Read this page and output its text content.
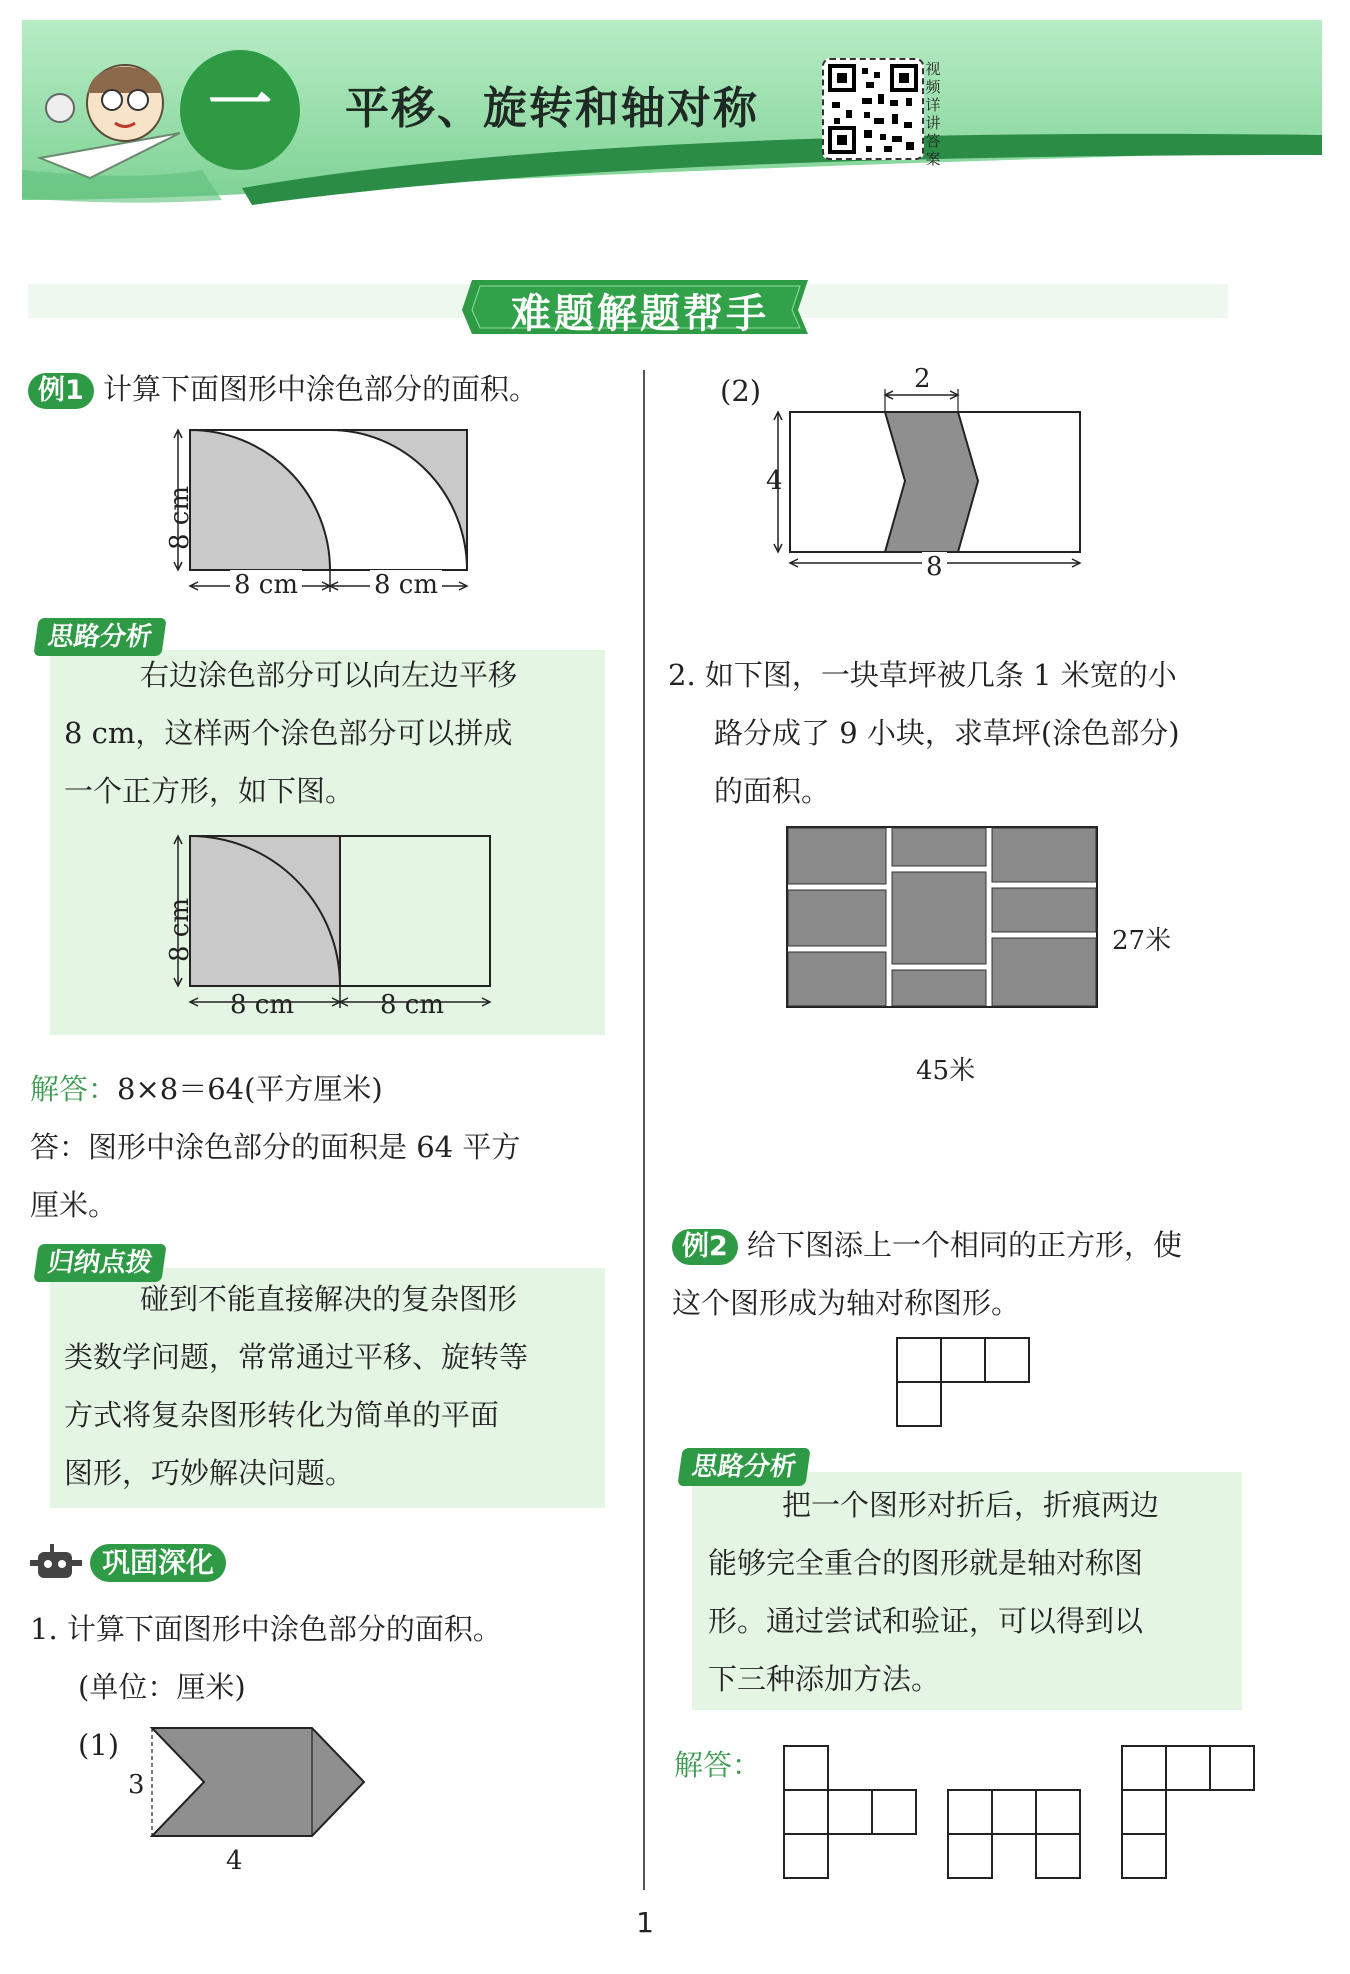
一	平移、旋转和轴对称
视频详讲答案
难题解题帮手
例1 计算下面图形中涂色部分的面积。
8 cm
8 cm	8 cm
思路分析
右边涂色部分可以向左边平移
8 cm，这样两个涂色部分可以拼成
一个正方形，如下图。
8 cm
8 cm	8 cm
解答：8×8＝64(平方厘米)
答：图形中涂色部分的面积是 64 平方
厘米。
归纳点拨
碰到不能直接解决的复杂图形
类数学问题，常常通过平移、旋转等
方式将复杂图形转化为简单的平面
图形，巧妙解决问题。
巩固深化
1. 计算下面图形中涂色部分的面积。
(单位：厘米)
(1)
3
4
(2)	2
4
8
2. 如下图，一块草坪被几条 1 米宽的小
路分成了 9 小块，求草坪(涂色部分)
的面积。
27米
45米
例2 给下图添上一个相同的正方形，使
这个图形成为轴对称图形。
思路分析
把一个图形对折后，折痕两边
能够完全重合的图形就是轴对称图
形。通过尝试和验证，可以得到以
下三种添加方法。
解答：
1
